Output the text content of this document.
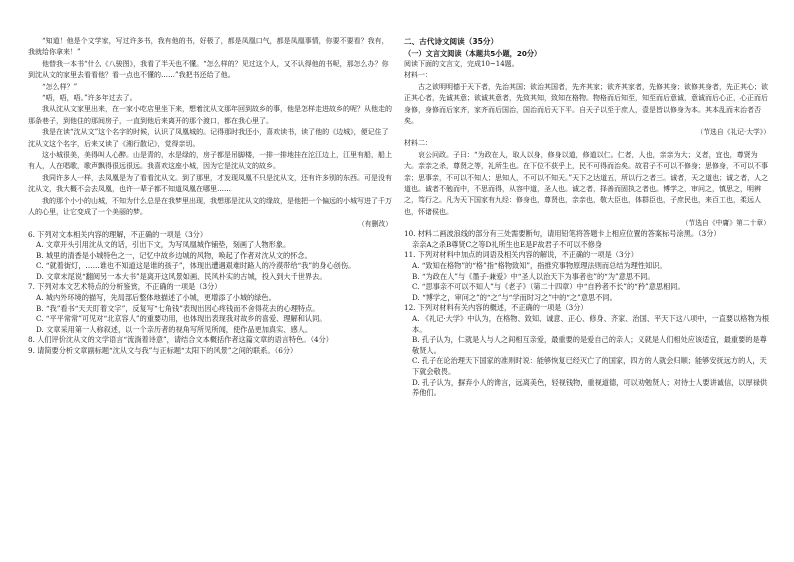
“知道！他是个文学家，写过许多书，我有他的书，好极了，都是凤凰口气，都是凤凰事情，你要不要看？我有，我就给你拿来！”

他替我一本书“什么《八骏图》，我看了半天也不懂。“怎么样的？见过这个人，又不认得他的书呢，那怎么办？你到沈从文的家里去看看他？看一点也不懂的……”我把书还给了他。

“怎么样？”

“唔，唔，唔。”许多年过去了。

我从沈从文家里出来，在一家小吃店里坐下来，想着沈从文那年回到故乡的事，他是怎样走进故乡的呢？从他走的那条巷子，到他住的那间房子，一直到他后来离开的那个渡口，都在我心里了。

我是在读“沈从文”这个名字的时候，认识了凤凰城的。记得那时我还小，喜欢读书，读了他的《边城》，便记住了沈从文这个名字，后来又读了《湘行散记》，觉得亲切。

这小城很美，美得叫人心醉。山是青的，水是绿的，房子都是吊脚楼，一排一排地挂在沱江边上，江里有船，船上有人，人在唱歌，歌声飘得很远很远。我喜欢这座小城，因为它是沈从文的故乡。

我同许多人一样，去凤凰是为了看看沈从文。到了那里，才发现凤凰不只是沈从文，还有许多别的东西。可是没有沈从文，我大概不会去凤凰，也许一辈子都不知道凤凰在哪里……

我的那个小小的山城，不知为什么总是在我梦里出现，我想那是沈从文的缘故，是他把一个偏远的小城写进了千万人的心里，让它变成了一个美丽的梦。

（有删改）

6. 下列对文本相关内容的理解，不正确的一项是（3分）

A. 文章开头引用沈从文的话，引出下文，为写凤凰城作铺垫，刻画了人物形象。

B. 城里的清香是小城特色之一，记忆中故乡边城的风物，唤起了作者对沈从文的怀念。

C. “就着街灯，……谁也不知道这是谁的孩子”，体现出遭遇艰难时路人的冷漠带给“我”的身心创伤。

D. 文章末尾说“翻阅另一本大书”是离开这风景如画、民风朴实的古城，投入到大千世界去。

7. 下列对本文艺术特点的分析鉴赏，不正确的一项是（3分）

A. 城内外环境的描写，先局部后整体地描述了小城，更增添了小城的绿色。

B. “我”看书“天天盯着文字”，反复写“七角钱”表现出因心疼钱而不舍得花去的心理特点。

C. “平平常常”可见对“北京容人”的重要功用，也体现出表现我对故乡的喜爱、理解和认同。

D. 文章采用第一人称叙述，以一个亲历者的视角写所见所闻，使作品更加真实、感人。

8. 人们评价沈从文的文学语言“流淌着诗意”，请结合文本概括作者这篇文章的语言特色。（4分）

9. 请简要分析文章副标题“沈从文与我”与正标题“太阳下的风景”之间的联系。（6分）

二、古代诗文阅读（35分）

（一）文言文阅读（本题共5小题，20分）

阅读下面的文言文，完成10~14题。

材料一：

古之欲明明德于天下者，先治其国；欲治其国者，先齐其家；欲齐其家者，先修其身；欲修其身者，先正其心；欲正其心者，先诚其意；欲诚其意者，先致其知，致知在格物。物格而后知至，知至而后意诚，意诚而后心正，心正而后身修，身修而后家齐，家齐而后国治，国治而后天下平。自天子以至于庶人，壹是皆以修身为本。其本乱而末治者否矣。

（节选自《礼记·大学》）

材料二：

哀公问政。子曰：“为政在人，取人以身，修身以道，修道以仁。仁者，人也，亲亲为大；义者，宜也，尊贤为大。亲亲之杀，尊贤之等，礼所生也。在下位不获乎上，民不可得而治矣。故君子不可以不修身；思修身，不可以不事亲；思事亲，不可以不知人；思知人，不可以不知天。”天下之达道五，所以行之者三。诚者，天之道也；诚之者，人之道也。诚者不勉而中，不思而得，从容中道，圣人也。诚之者，择善而固执之者也。博学之，审问之，慎思之，明辨之，笃行之。凡为天下国家有九经：修身也，尊贤也，亲亲也，敬大臣也，体群臣也，子庶民也，来百工也，柔远人也，怀诸侯也。

（节选自《中庸》第二十章）

10. 材料二画波浪线的部分有三处需要断句，请用铅笔将答题卡上相应位置的答案标号涂黑。（3分）

亲亲A之杀B尊贤C之等D礼所生也E是F故君子不可以不修身

11. 下列对材料中加点的词语及相关内容的解说，不正确的一项是（3分）

A. “致知在格物”的“格”指“格物致知”，指推究事物原理法则而总结为理性知识。

B. “为政在人”与《墨子·兼爱》中“圣人以治天下为事者也”的“为”意思不同。

C. “思事亲不可以不知人”与《老子》（第二十四章）中“自矜者不长”的“矜”意思相同。

D. “博学之，审问之”的“之”与“学而时习之”中的“之”意思不同。

12. 下列对材料有关内容的概述，不正确的一项是（3分）

A. 《礼记·大学》中认为，在格物、致知、诚意、正心、修身、齐家、治国、平天下这八项中，一直要以格物为根本。

B. 孔子认为，仁就是人与人之间相互亲爱，最重要的是爱自己的亲人；义就是人们相处应该适宜，最重要的是尊敬贤人。

C. 孔子在论治理天下国家的准则时说：能够恢复已经灭亡了的国家，四方的人就会归顺；能够安抚远方的人，天下就会敬畏。

D. 孔子认为，摒弃小人的谗言，远离美色，轻视钱物，重视道德，可以劝勉贤人；对待士人要讲诚信，以厚禄供养他们。
